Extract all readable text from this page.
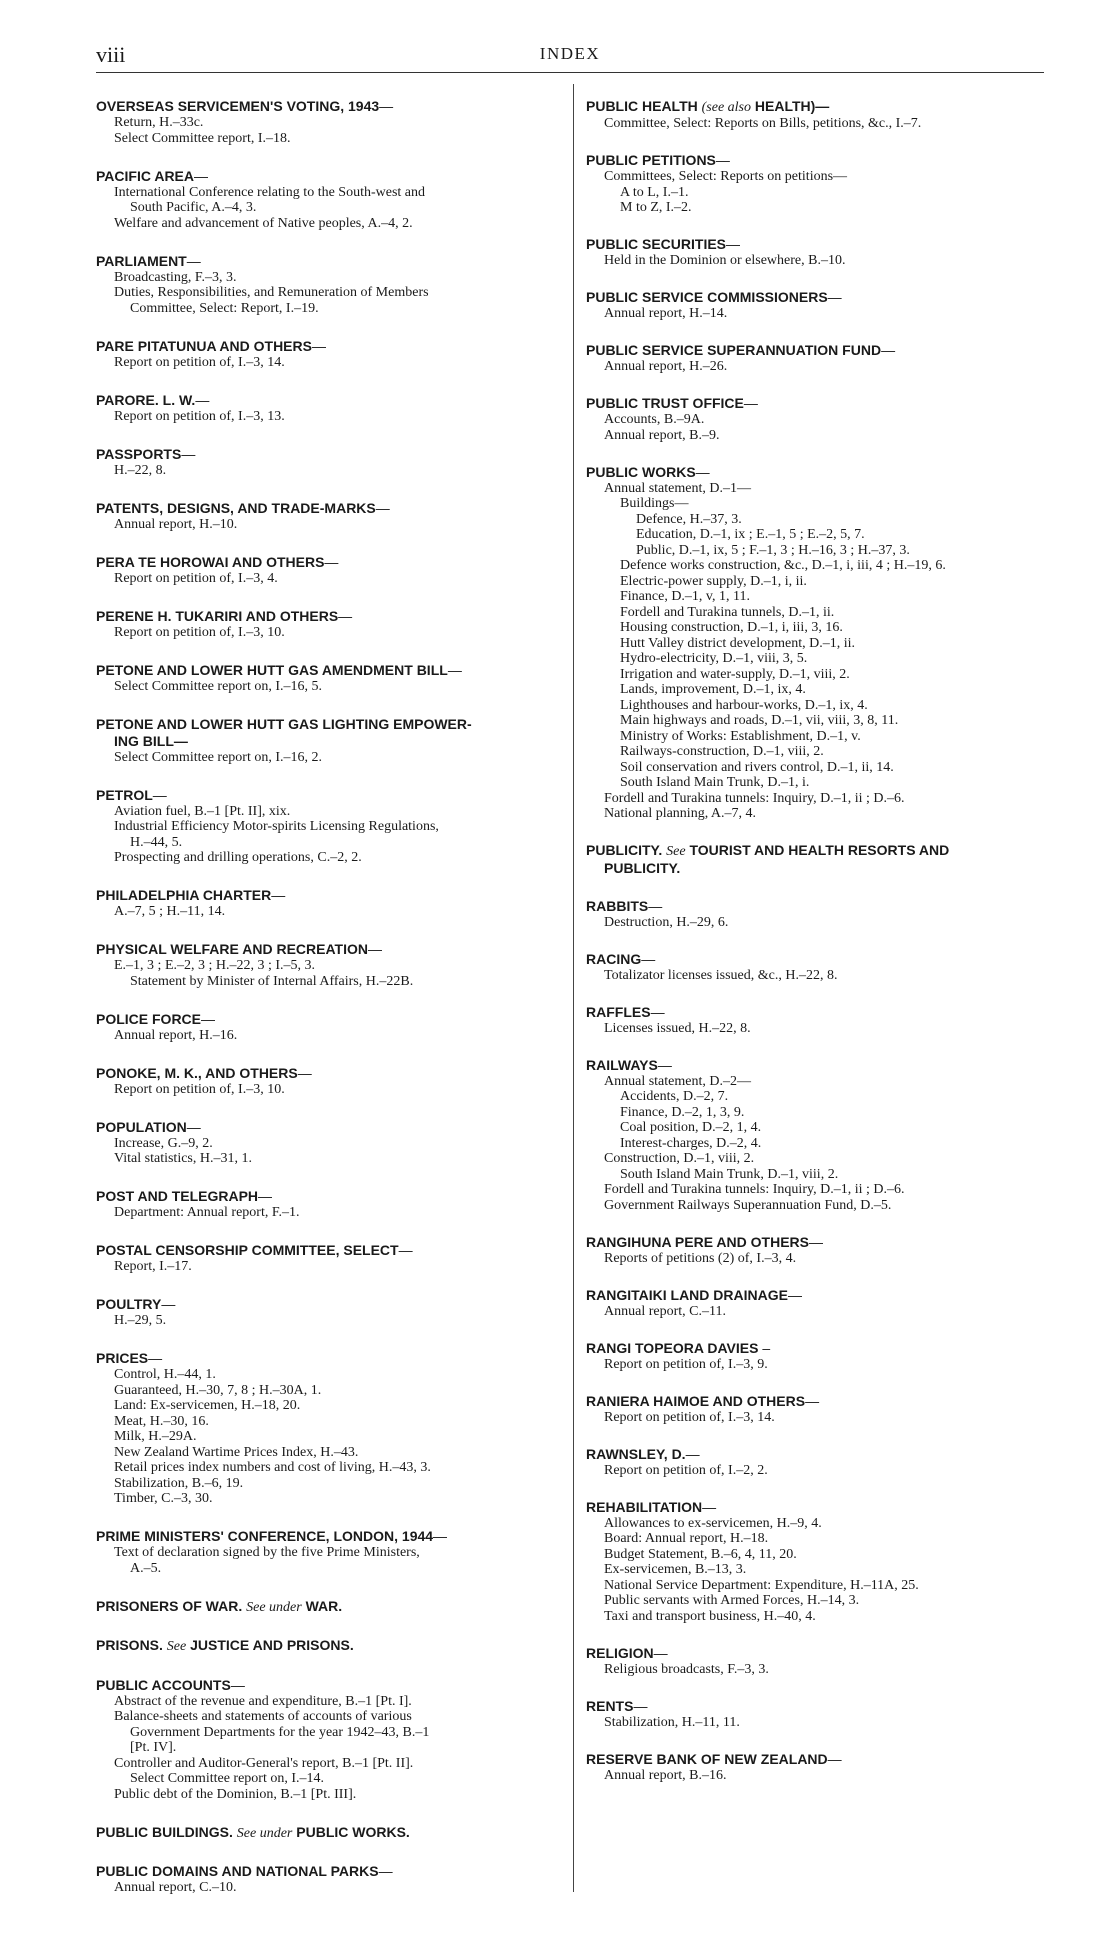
viii	INDEX
OVERSEAS SERVICEMEN'S VOTING, 1943—
Return, H.–33c.
Select Committee report, I.–18.
PACIFIC AREA—
International Conference relating to the South-west and
South Pacific, A.–4, 3.
Welfare and advancement of Native peoples, A.–4, 2.
PARLIAMENT—
Broadcasting, F.–3, 3.
Duties, Responsibilities, and Remuneration of Members
Committee, Select: Report, I.–19.
PARE PITATUNUA AND OTHERS—
Report on petition of, I.–3, 14.
PARORE. L. W.—
Report on petition of, I.–3, 13.
PASSPORTS—
H.–22, 8.
PATENTS, DESIGNS, AND TRADE-MARKS—
Annual report, H.–10.
PERA TE HOROWAI AND OTHERS—
Report on petition of, I.–3, 4.
PERENE H. TUKARIRI AND OTHERS—
Report on petition of, I.–3, 10.
PETONE AND LOWER HUTT GAS AMENDMENT BILL—
Select Committee report on, I.–16, 5.
PETONE AND LOWER HUTT GAS LIGHTING EMPOWER-
ING BILL—
Select Committee report on, I.–16, 2.
PETROL—
Aviation fuel, B.–1 [Pt. II], xix.
Industrial Efficiency Motor-spirits Licensing Regulations,
H.–44, 5.
Prospecting and drilling operations, C.–2, 2.
PHILADELPHIA CHARTER—
A.–7, 5 ; H.–11, 14.
PHYSICAL WELFARE AND RECREATION—
E.–1, 3 ; E.–2, 3 ; H.–22, 3 ; I.–5, 3.
Statement by Minister of Internal Affairs, H.–22B.
POLICE FORCE—
Annual report, H.–16.
PONOKE, M. K., AND OTHERS—
Report on petition of, I.–3, 10.
POPULATION—
Increase, G.–9, 2.
Vital statistics, H.–31, 1.
POST AND TELEGRAPH—
Department: Annual report, F.–1.
POSTAL CENSORSHIP COMMITTEE, SELECT—
Report, I.–17.
POULTRY—
H.–29, 5.
PRICES—
Control, H.–44, 1.
Guaranteed, H.–30, 7, 8 ; H.–30A, 1.
Land: Ex-servicemen, H.–18, 20.
Meat, H.–30, 16.
Milk, H.–29A.
New Zealand Wartime Prices Index, H.–43.
Retail prices index numbers and cost of living, H.–43, 3.
Stabilization, B.–6, 19.
Timber, C.–3, 30.
PRIME MINISTERS' CONFERENCE, LONDON, 1944—
Text of declaration signed by the five Prime Ministers,
A.–5.
PRISONERS OF WAR. See under WAR.
PRISONS. See JUSTICE AND PRISONS.
PUBLIC ACCOUNTS—
Abstract of the revenue and expenditure, B.–1 [Pt. I].
Balance-sheets and statements of accounts of various
Government Departments for the year 1942–43, B.–1
[Pt. IV].
Controller and Auditor-General's report, B.–1 [Pt. II].
Select Committee report on, I.–14.
Public debt of the Dominion, B.–1 [Pt. III].
PUBLIC BUILDINGS. See under PUBLIC WORKS.
PUBLIC DOMAINS AND NATIONAL PARKS—
Annual report, C.–10.
PUBLIC HEALTH (see also HEALTH)—
Committee, Select: Reports on Bills, petitions, &c., I.–7.
PUBLIC PETITIONS—
Committees, Select: Reports on petitions—
A to L, I.–1.
M to Z, I.–2.
PUBLIC SECURITIES—
Held in the Dominion or elsewhere, B.–10.
PUBLIC SERVICE COMMISSIONERS—
Annual report, H.–14.
PUBLIC SERVICE SUPERANNUATION FUND—
Annual report, H.–26.
PUBLIC TRUST OFFICE—
Accounts, B.–9A.
Annual report, B.–9.
PUBLIC WORKS—
Annual statement, D.–1—
Buildings—
Defence, H.–37, 3.
Education, D.–1, ix ; E.–1, 5 ; E.–2, 5, 7.
Public, D.–1, ix, 5 ; F.–1, 3 ; H.–16, 3 ; H.–37, 3.
Defence works construction, &c., D.–1, i, iii, 4 ; H.–19, 6.
Electric-power supply, D.–1, i, ii.
Finance, D.–1, v, 1, 11.
Fordell and Turakina tunnels, D.–1, ii.
Housing construction, D.–1, i, iii, 3, 16.
Hutt Valley district development, D.–1, ii.
Hydro-electricity, D.–1, viii, 3, 5.
Irrigation and water-supply, D.–1, viii, 2.
Lands, improvement, D.–1, ix, 4.
Lighthouses and harbour-works, D.–1, ix, 4.
Main highways and roads, D.–1, vii, viii, 3, 8, 11.
Ministry of Works: Establishment, D.–1, v.
Railways-construction, D.–1, viii, 2.
Soil conservation and rivers control, D.–1, ii, 14.
South Island Main Trunk, D.–1, i.
Fordell and Turakina tunnels: Inquiry, D.–1, ii ; D.–6.
National planning, A.–7, 4.
PUBLICITY. See TOURIST AND HEALTH RESORTS AND
PUBLICITY.
RABBITS—
Destruction, H.–29, 6.
RACING—
Totalizator licenses issued, &c., H.–22, 8.
RAFFLES—
Licenses issued, H.–22, 8.
RAILWAYS—
Annual statement, D.–2—
Accidents, D.–2, 7.
Finance, D.–2, 1, 3, 9.
Coal position, D.–2, 1, 4.
Interest-charges, D.–2, 4.
Construction, D.–1, viii, 2.
South Island Main Trunk, D.–1, viii, 2.
Fordell and Turakina tunnels: Inquiry, D.–1, ii ; D.–6.
Government Railways Superannuation Fund, D.–5.
RANGIHUNA PERE AND OTHERS—
Reports of petitions (2) of, I.–3, 4.
RANGITAIKI LAND DRAINAGE—
Annual report, C.–11.
RANGI TOPEORA DAVIES –
Report on petition of, I.–3, 9.
RANIERA HAIMOE AND OTHERS—
Report on petition of, I.–3, 14.
RAWNSLEY, D.—
Report on petition of, I.–2, 2.
REHABILITATION—
Allowances to ex-servicemen, H.–9, 4.
Board: Annual report, H.–18.
Budget Statement, B.–6, 4, 11, 20.
Ex-servicemen, B.–13, 3.
National Service Department: Expenditure, H.–11A, 25.
Public servants with Armed Forces, H.–14, 3.
Taxi and transport business, H.–40, 4.
RELIGION—
Religious broadcasts, F.–3, 3.
RENTS—
Stabilization, H.–11, 11.
RESERVE BANK OF NEW ZEALAND—
Annual report, B.–16.
